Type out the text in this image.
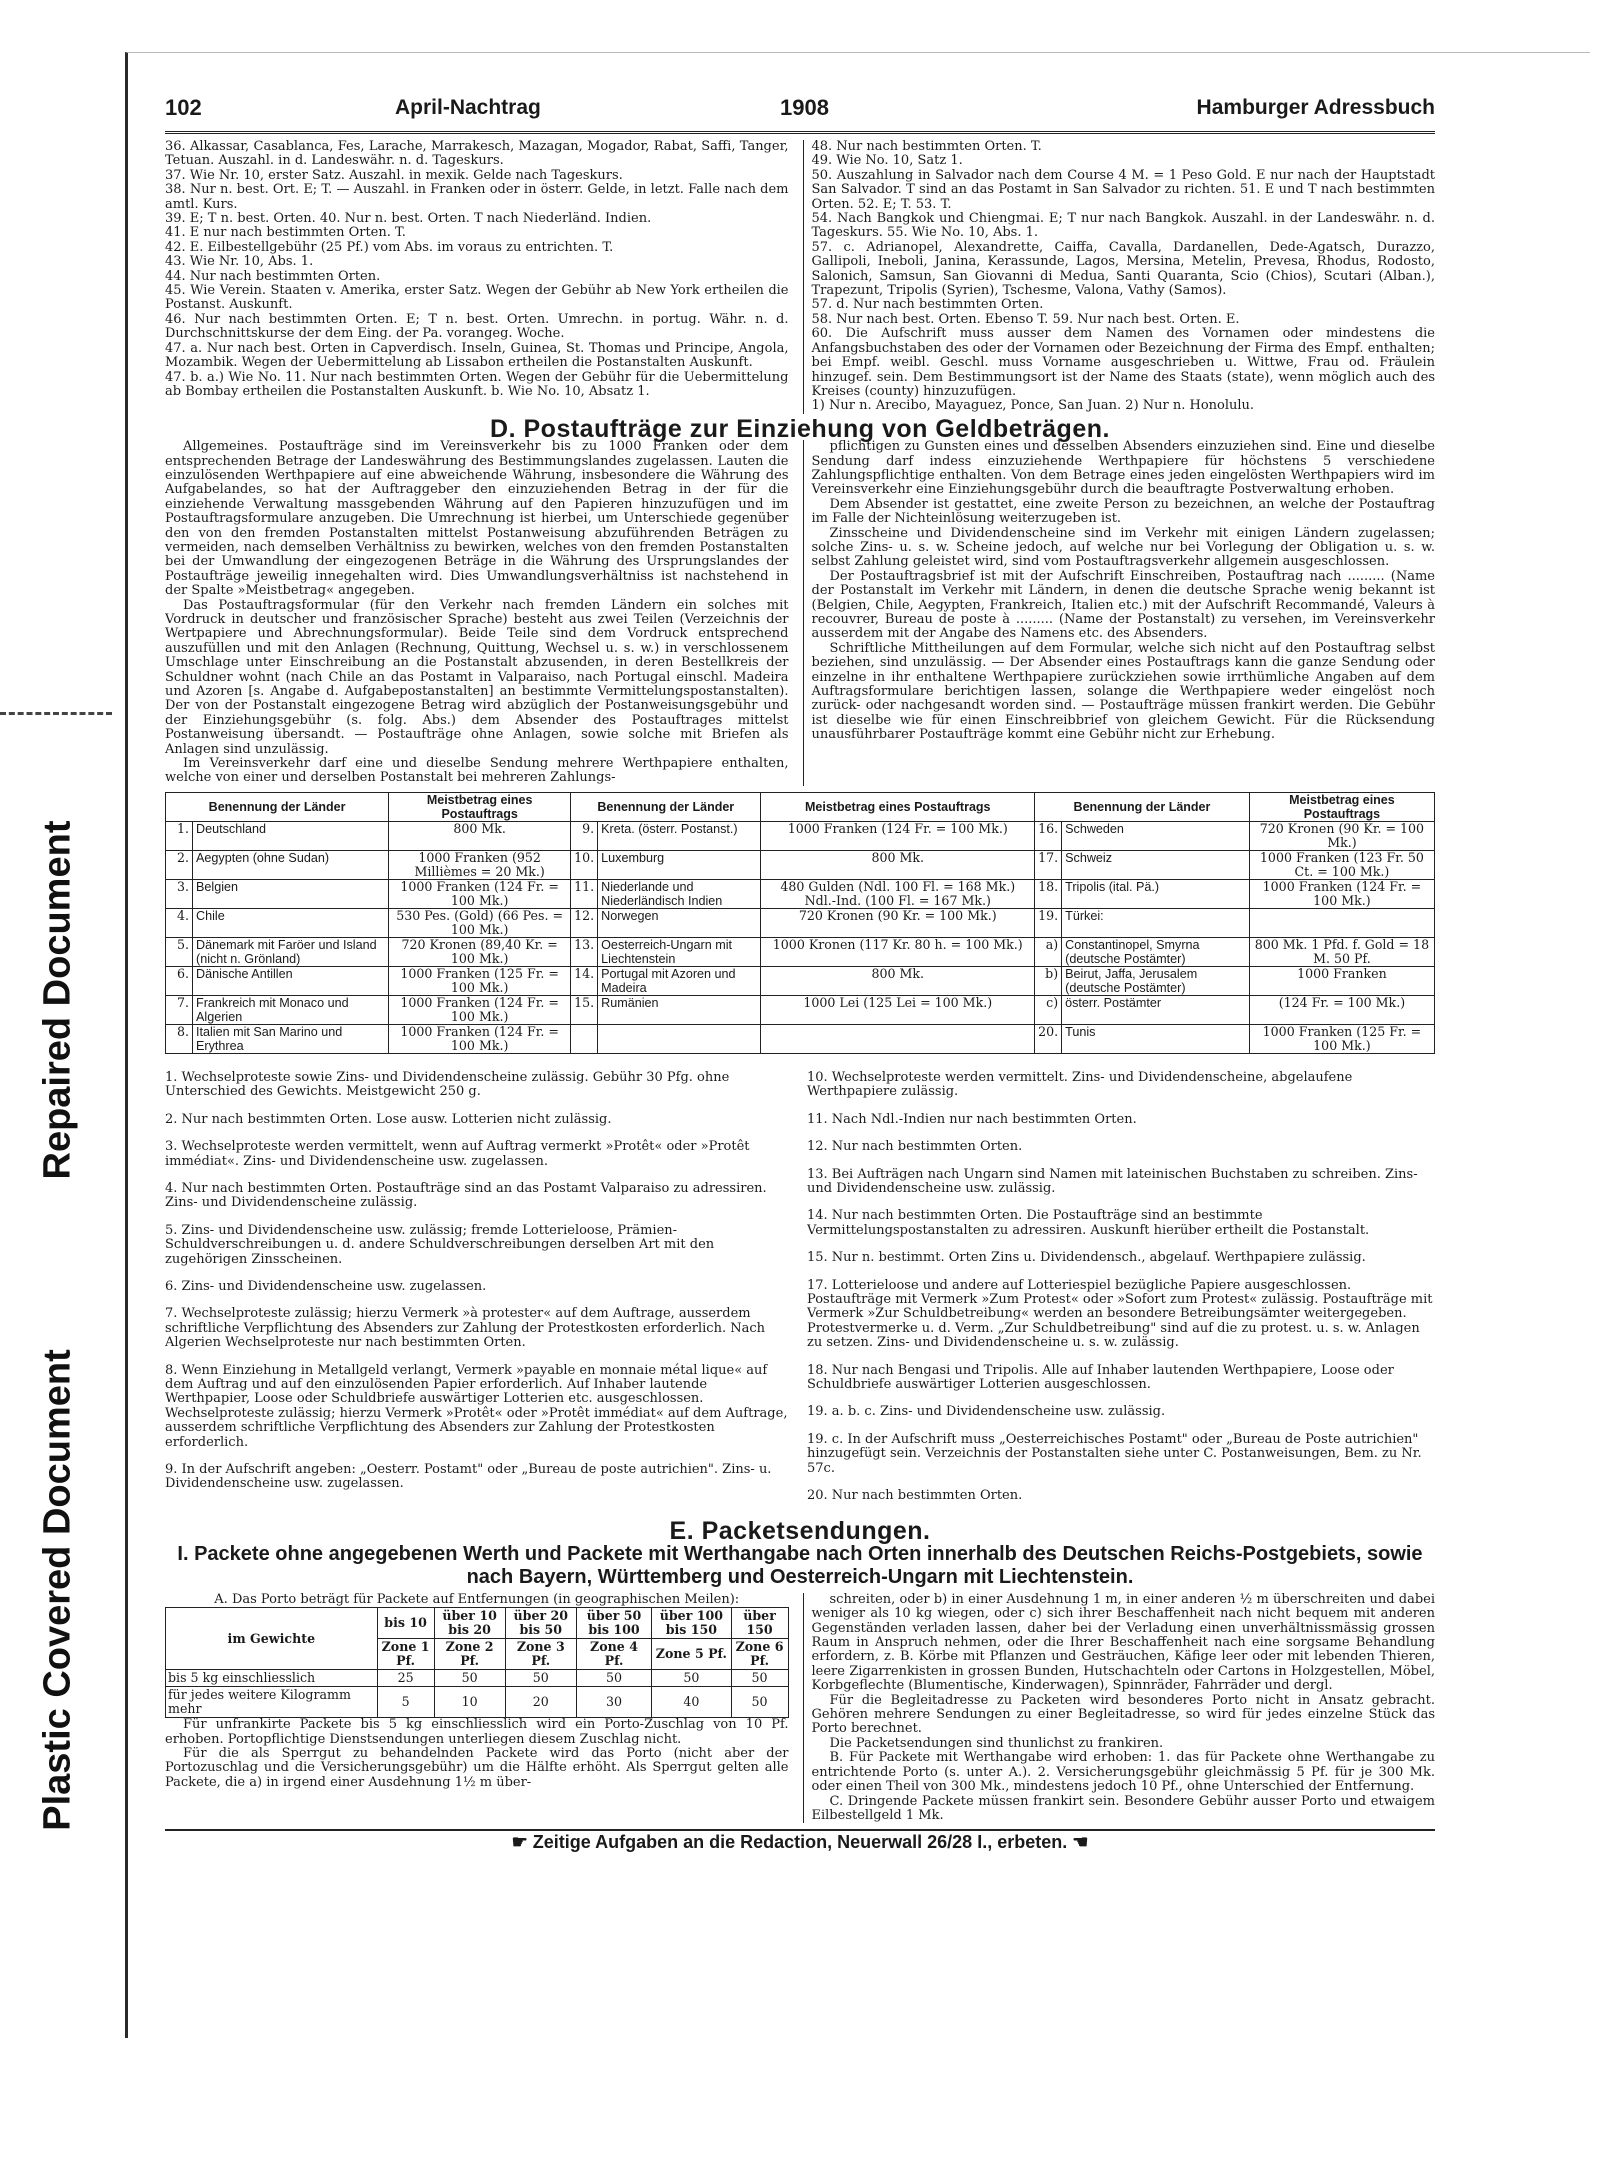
Repaired Document
Plastic Covered Document
102	April-Nachtrag	1908	Hamburger Adressbuch

36. Alkassar, Casablanca, Fes, Larache, Marrakesch, Mazagan, Mogador, Rabat, Saffi, Tanger, Tetuan. Auszahl. in d. Landeswähr. n. d. Tageskurs.

37. Wie Nr. 10, erster Satz. Auszahl. in mexik. Gelde nach Tageskurs.

38. Nur n. best. Ort. E; T. — Auszahl. in Franken oder in österr. Gelde, in letzt. Falle nach dem amtl. Kurs.

39. E; T n. best. Orten. 40. Nur n. best. Orten. T nach Niederländ. Indien.

41. E nur nach bestimmten Orten. T.

42. E. Eilbestellgebühr (25 Pf.) vom Abs. im voraus zu entrichten. T.

43. Wie Nr. 10, Abs. 1.

44. Nur nach bestimmten Orten.

45. Wie Verein. Staaten v. Amerika, erster Satz. Wegen der Gebühr ab New York ertheilen die Postanst. Auskunft.

46. Nur nach bestimmten Orten. E; T n. best. Orten. Umrechn. in portug. Währ. n. d. Durchschnittskurse der dem Eing. der Pa. vorangeg. Woche.

47. a. Nur nach best. Orten in Capverdisch. Inseln, Guinea, St. Thomas und Principe, Angola, Mozambik. Wegen der Uebermittelung ab Lissabon ertheilen die Postanstalten Auskunft.

47. b. a.) Wie No. 11. Nur nach bestimmten Orten. Wegen der Gebühr für die Uebermittelung ab Bombay ertheilen die Postanstalten Auskunft. b. Wie No. 10, Absatz 1.

48. Nur nach bestimmten Orten. T.

49. Wie No. 10, Satz 1.

50. Auszahlung in Salvador nach dem Course 4 M. = 1 Peso Gold. E nur nach der Hauptstadt San Salvador. T sind an das Postamt in San Salvador zu richten. 51. E und T nach bestimmten Orten. 52. E; T. 53. T.

54. Nach Bangkok und Chiengmai. E; T nur nach Bangkok. Auszahl. in der Landeswähr. n. d. Tageskurs. 55. Wie No. 10, Abs. 1.

57. c. Adrianopel, Alexandrette, Caiffa, Cavalla, Dardanellen, Dede-Agatsch, Durazzo, Gallipoli, Ineboli, Janina, Kerassunde, Lagos, Mersina, Metelin, Prevesa, Rhodus, Rodosto, Salonich, Samsun, San Giovanni di Medua, Santi Quaranta, Scio (Chios), Scutari (Alban.), Trapezunt, Tripolis (Syrien), Tschesme, Valona, Vathy (Samos).

57. d. Nur nach bestimmten Orten.

58. Nur nach best. Orten. Ebenso T. 59. Nur nach best. Orten. E.

60. Die Aufschrift muss ausser dem Namen des Vornamen oder mindestens die Anfangsbuchstaben des oder der Vornamen oder Bezeichnung der Firma des Empf. enthalten; bei Empf. weibl. Geschl. muss Vorname ausgeschrieben u. Wittwe, Frau od. Fräulein hinzugef. sein. Dem Bestimmungsort ist der Name des Staats (state), wenn möglich auch des Kreises (county) hinzuzufügen.

1) Nur n. Arecibo, Mayaguez, Ponce, San Juan. 2) Nur n. Honolulu.

D. Postaufträge zur Einziehung von Geldbeträgen.

Allgemeines. Postaufträge sind im Vereinsverkehr bis zu 1000 Franken oder dem entsprechenden Betrage der Landeswährung des Bestimmungslandes zugelassen. Lauten die einzulösenden Werthpapiere auf eine abweichende Währung, insbesondere die Währung des Aufgabelandes, so hat der Auftraggeber den einzuziehenden Betrag in der für die einziehende Verwaltung massgebenden Währung auf den Papieren hinzuzufügen und im Postauftragsformulare anzugeben. Die Umrechnung ist hierbei, um Unterschiede gegenüber den von den fremden Postanstalten mittelst Postanweisung abzuführenden Beträgen zu vermeiden, nach demselben Verhältniss zu bewirken, welches von den fremden Postanstalten bei der Umwandlung der eingezogenen Beträge in die Währung des Ursprungslandes der Postaufträge jeweilig innegehalten wird. Dies Umwandlungsverhältniss ist nachstehend in der Spalte »Meistbetrag« angegeben.

Das Postauftragsformular (für den Verkehr nach fremden Ländern ein solches mit Vordruck in deutscher und französischer Sprache) besteht aus zwei Teilen (Verzeichnis der Wertpapiere und Abrechnungsformular). Beide Teile sind dem Vordruck entsprechend auszufüllen und mit den Anlagen (Rechnung, Quittung, Wechsel u. s. w.) in verschlossenem Umschlage unter Einschreibung an die Postanstalt abzusenden, in deren Bestellkreis der Schuldner wohnt (nach Chile an das Postamt in Valparaiso, nach Portugal einschl. Madeira und Azoren [s. Angabe d. Aufgabepostanstalten] an bestimmte Vermittelungspostanstalten). Der von der Postanstalt eingezogene Betrag wird abzüglich der Postanweisungsgebühr und der Einziehungsgebühr (s. folg. Abs.) dem Absender des Postauftrages mittelst Postanweisung übersandt. — Postaufträge ohne Anlagen, sowie solche mit Briefen als Anlagen sind unzulässig.

Im Vereinsverkehr darf eine und dieselbe Sendung mehrere Werthpapiere enthalten, welche von einer und derselben Postanstalt bei mehreren Zahlungs-

pflichtigen zu Gunsten eines und desselben Absenders einzuziehen sind. Eine und dieselbe Sendung darf indess einzuziehende Werthpapiere für höchstens 5 verschiedene Zahlungspflichtige enthalten. Von dem Betrage eines jeden eingelösten Werthpapiers wird im Vereinsverkehr eine Einziehungsgebühr durch die beauftragte Postverwaltung erhoben.

Dem Absender ist gestattet, eine zweite Person zu bezeichnen, an welche der Postauftrag im Falle der Nichteinlösung weiterzugeben ist.

Zinsscheine und Dividendenscheine sind im Verkehr mit einigen Ländern zugelassen; solche Zins- u. s. w. Scheine jedoch, auf welche nur bei Vorlegung der Obligation u. s. w. selbst Zahlung geleistet wird, sind vom Postauftragsverkehr allgemein ausgeschlossen.

Der Postauftragsbrief ist mit der Aufschrift Einschreiben, Postauftrag nach ......... (Name der Postanstalt im Verkehr mit Ländern, in denen die deutsche Sprache wenig bekannt ist (Belgien, Chile, Aegypten, Frankreich, Italien etc.) mit der Aufschrift Recommandé, Valeurs à recouvrer, Bureau de poste à ......... (Name der Postanstalt) zu versehen, im Vereinsverkehr ausserdem mit der Angabe des Namens etc. des Absenders.

Schriftliche Mittheilungen auf dem Formular, welche sich nicht auf den Postauftrag selbst beziehen, sind unzulässig. — Der Absender eines Postauftrags kann die ganze Sendung oder einzelne in ihr enthaltene Werthpapiere zurückziehen sowie irrthümliche Angaben auf dem Auftragsformulare berichtigen lassen, solange die Werthpapiere weder eingelöst noch zurück- oder nachgesandt worden sind. — Postaufträge müssen frankirt werden. Die Gebühr ist dieselbe wie für einen Einschreibbrief von gleichem Gewicht. Für die Rücksendung unausführbarer Postaufträge kommt eine Gebühr nicht zur Erhebung.

Benennung der Länder		Meistbetrag eines Postauftrags	Benennung der Länder		Meistbetrag eines Postauftrags	Benennung der Länder		Meistbetrag eines Postauftrags
1.	Deutschland	800 Mk.	9.	Kreta. (österr. Postanst.)	1000 Franken (124 Fr. = 100 Mk.)	16.	Schweden	720 Kronen (90 Kr. = 100 Mk.)
2.	Aegypten (ohne Sudan)	1000 Franken (952 Millièmes = 20 Mk.)	10.	Luxemburg	800 Mk.	17.	Schweiz	1000 Franken (123 Fr. 50 Ct. = 100 Mk.)
3.	Belgien	1000 Franken (124 Fr. = 100 Mk.)	11.	Niederlande und Niederländisch Indien	480 Gulden (Ndl. 100 Fl. = 168 Mk.) Ndl.-Ind. (100 Fl. = 167 Mk.)	18.	Tripolis (ital. Pä.)	1000 Franken (124 Fr. = 100 Mk.)
4.	Chile	530 Pes. (Gold) (66 Pes. = 100 Mk.)	12.	Norwegen	720 Kronen (90 Kr. = 100 Mk.)	19.	Türkei:	
5.	Dänemark mit Faröer und Island (nicht n. Grönland)	720 Kronen (89,40 Kr. = 100 Mk.)	13.	Oesterreich-Ungarn mit Liechtenstein	1000 Kronen (117 Kr. 80 h. = 100 Mk.)	a)	Constantinopel, Smyrna (deutsche Postämter)	800 Mk. 1 Pfd. f. Gold = 18 M. 50 Pf.
6.	Dänische Antillen	1000 Franken (125 Fr. = 100 Mk.)	14.	Portugal mit Azoren und Madeira	800 Mk.	b)	Beirut, Jaffa, Jerusalem (deutsche Postämter)	1000 Franken
7.	Frankreich mit Monaco und Algerien	1000 Franken (124 Fr. = 100 Mk.)	15.	Rumänien	1000 Lei (125 Lei = 100 Mk.)	c)	österr. Postämter	(124 Fr. = 100 Mk.)
8.	Italien mit San Marino und Erythrea	1000 Franken (124 Fr. = 100 Mk.)				20.	Tunis	1000 Franken (125 Fr. = 100 Mk.)

1. Wechselproteste sowie Zins- und Dividendenscheine zulässig. Gebühr 30 Pfg. ohne Unterschied des Gewichts. Meistgewicht 250 g.

2. Nur nach bestimmten Orten. Lose ausw. Lotterien nicht zulässig.

3. Wechselproteste werden vermittelt, wenn auf Auftrag vermerkt »Protêt« oder »Protêt immédiat«. Zins- und Dividendenscheine usw. zugelassen.

4. Nur nach bestimmten Orten. Postaufträge sind an das Postamt Valparaiso zu adressiren. Zins- und Dividendenscheine zulässig.

5. Zins- und Dividendenscheine usw. zulässig; fremde Lotterieloose, Prämien-Schuldverschreibungen u. d. andere Schuldverschreibungen derselben Art mit den zugehörigen Zinsscheinen.

6. Zins- und Dividendenscheine usw. zugelassen.

7. Wechselproteste zulässig; hierzu Vermerk »à protester« auf dem Auftrage, ausserdem schriftliche Verpflichtung des Absenders zur Zahlung der Protestkosten erforderlich. Nach Algerien Wechselproteste nur nach bestimmten Orten.

8. Wenn Einziehung in Metallgeld verlangt, Vermerk »payable en monnaie métal lique« auf dem Auftrag und auf den einzulösenden Papier erforderlich. Auf Inhaber lautende Werthpapier, Loose oder Schuldbriefe auswärtiger Lotterien etc. ausgeschlossen. Wechselproteste zulässig; hierzu Vermerk »Protêt« oder »Protêt immédiat« auf dem Auftrage, ausserdem schriftliche Verpflichtung des Absenders zur Zahlung der Protestkosten erforderlich.

9. In der Aufschrift angeben: „Oesterr. Postamt" oder „Bureau de poste autrichien". Zins- u. Dividendenscheine usw. zugelassen.

10. Wechselproteste werden vermittelt. Zins- und Dividendenscheine, abgelaufene Werthpapiere zulässig.

11. Nach Ndl.-Indien nur nach bestimmten Orten.

12. Nur nach bestimmten Orten.

13. Bei Aufträgen nach Ungarn sind Namen mit lateinischen Buchstaben zu schreiben. Zins- und Dividendenscheine usw. zulässig.

14. Nur nach bestimmten Orten. Die Postaufträge sind an bestimmte Vermittelungspostanstalten zu adressiren. Auskunft hierüber ertheilt die Postanstalt.

15. Nur n. bestimmt. Orten Zins u. Dividendensch., abgelauf. Werthpapiere zulässig.

17. Lotterieloose und andere auf Lotteriespiel bezügliche Papiere ausgeschlossen. Postaufträge mit Vermerk »Zum Protest« oder »Sofort zum Protest« zulässig. Postaufträge mit Vermerk »Zur Schuldbetreibung« werden an besondere Betreibungsämter weitergegeben. Protestvermerke u. d. Verm. „Zur Schuldbetreibung" sind auf die zu protest. u. s. w. Anlagen zu setzen. Zins- und Dividendenscheine u. s. w. zulässig.

18. Nur nach Bengasi und Tripolis. Alle auf Inhaber lautenden Werthpapiere, Loose oder Schuldbriefe auswärtiger Lotterien ausgeschlossen.

19. a. b. c. Zins- und Dividendenscheine usw. zulässig.

19. c. In der Aufschrift muss „Oesterreichisches Postamt" oder „Bureau de Poste autrichien" hinzugefügt sein. Verzeichnis der Postanstalten siehe unter C. Postanweisungen, Bem. zu Nr. 57c.

20. Nur nach bestimmten Orten.

E. Packetsendungen.
I. Packete ohne angegebenen Werth und Packete mit Werthangabe nach Orten innerhalb des Deutschen Reichs-Postgebiets, sowie nach Bayern, Württemberg und Oesterreich-Ungarn mit Liechtenstein.
A. Das Porto beträgt für Packete auf Entfernungen (in geographischen Meilen):
im Gewichte	bis 10	über 10 bis 20	über 20 bis 50	über 50 bis 100	über 100 bis 150	über 150
	Zone 1 Pf.	Zone 2 Pf.	Zone 3 Pf.	Zone 4 Pf.	Zone 5 Pf.	Zone 6 Pf.
bis 5 kg einschliesslich	25	50	50	50	50	50
für jedes weitere Kilogramm mehr	5	10	20	30	40	50

Für unfrankirte Packete bis 5 kg einschliesslich wird ein Porto-Zuschlag von 10 Pf. erhoben. Portopflichtige Dienstsendungen unterliegen diesem Zuschlag nicht.

Für die als Sperrgut zu behandelnden Packete wird das Porto (nicht aber der Portozuschlag und die Versicherungsgebühr) um die Hälfte erhöht. Als Sperrgut gelten alle Packete, die a) in irgend einer Ausdehnung 1½ m über-

schreiten, oder b) in einer Ausdehnung 1 m, in einer anderen ½ m überschreiten und dabei weniger als 10 kg wiegen, oder c) sich ihrer Beschaffenheit nach nicht bequem mit anderen Gegenständen verladen lassen, daher bei der Verladung einen unverhältnissmässig grossen Raum in Anspruch nehmen, oder die Ihrer Beschaffenheit nach eine sorgsame Behandlung erfordern, z. B. Körbe mit Pflanzen und Gesträuchen, Käfige leer oder mit lebenden Thieren, leere Zigarrenkisten in grossen Bunden, Hutschachteln oder Cartons in Holzgestellen, Möbel, Korbgeflechte (Blumentische, Kinderwagen), Spinnräder, Fahrräder und dergl.

Für die Begleitadresse zu Packeten wird besonderes Porto nicht in Ansatz gebracht. Gehören mehrere Sendungen zu einer Begleitadresse, so wird für jedes einzelne Stück das Porto berechnet.

Die Packetsendungen sind thunlichst zu frankiren.

B. Für Packete mit Werthangabe wird erhoben: 1. das für Packete ohne Werthangabe zu entrichtende Porto (s. unter A.). 2. Versicherungsgebühr gleichmässig 5 Pf. für je 300 Mk. oder einen Theil von 300 Mk., mindestens jedoch 10 Pf., ohne Unterschied der Entfernung.

C. Dringende Packete müssen frankirt sein. Besondere Gebühr ausser Porto und etwaigem Eilbestellgeld 1 Mk.

☛ Zeitige Aufgaben an die Redaction, Neuerwall 26/28 I., erbeten. ☚
